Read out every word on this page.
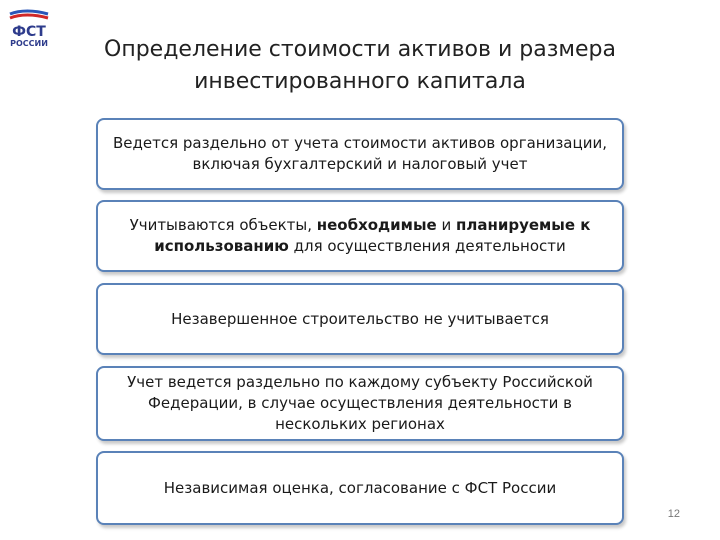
ФСТ
РОССИИ	Определение стоимости активов и размера инвестированного капитала
Ведется раздельно от учета стоимости активов организации, включая бухгалтерский и налоговый учет
Учитываются объекты, необходимые и планируемые к использованию для осуществления деятельности
Незавершенное строительство не учитывается
Учет ведется раздельно по каждому субъекту Российской Федерации, в случае осуществления деятельности в нескольких регионах
Независимая оценка, согласование с ФСТ России
12
